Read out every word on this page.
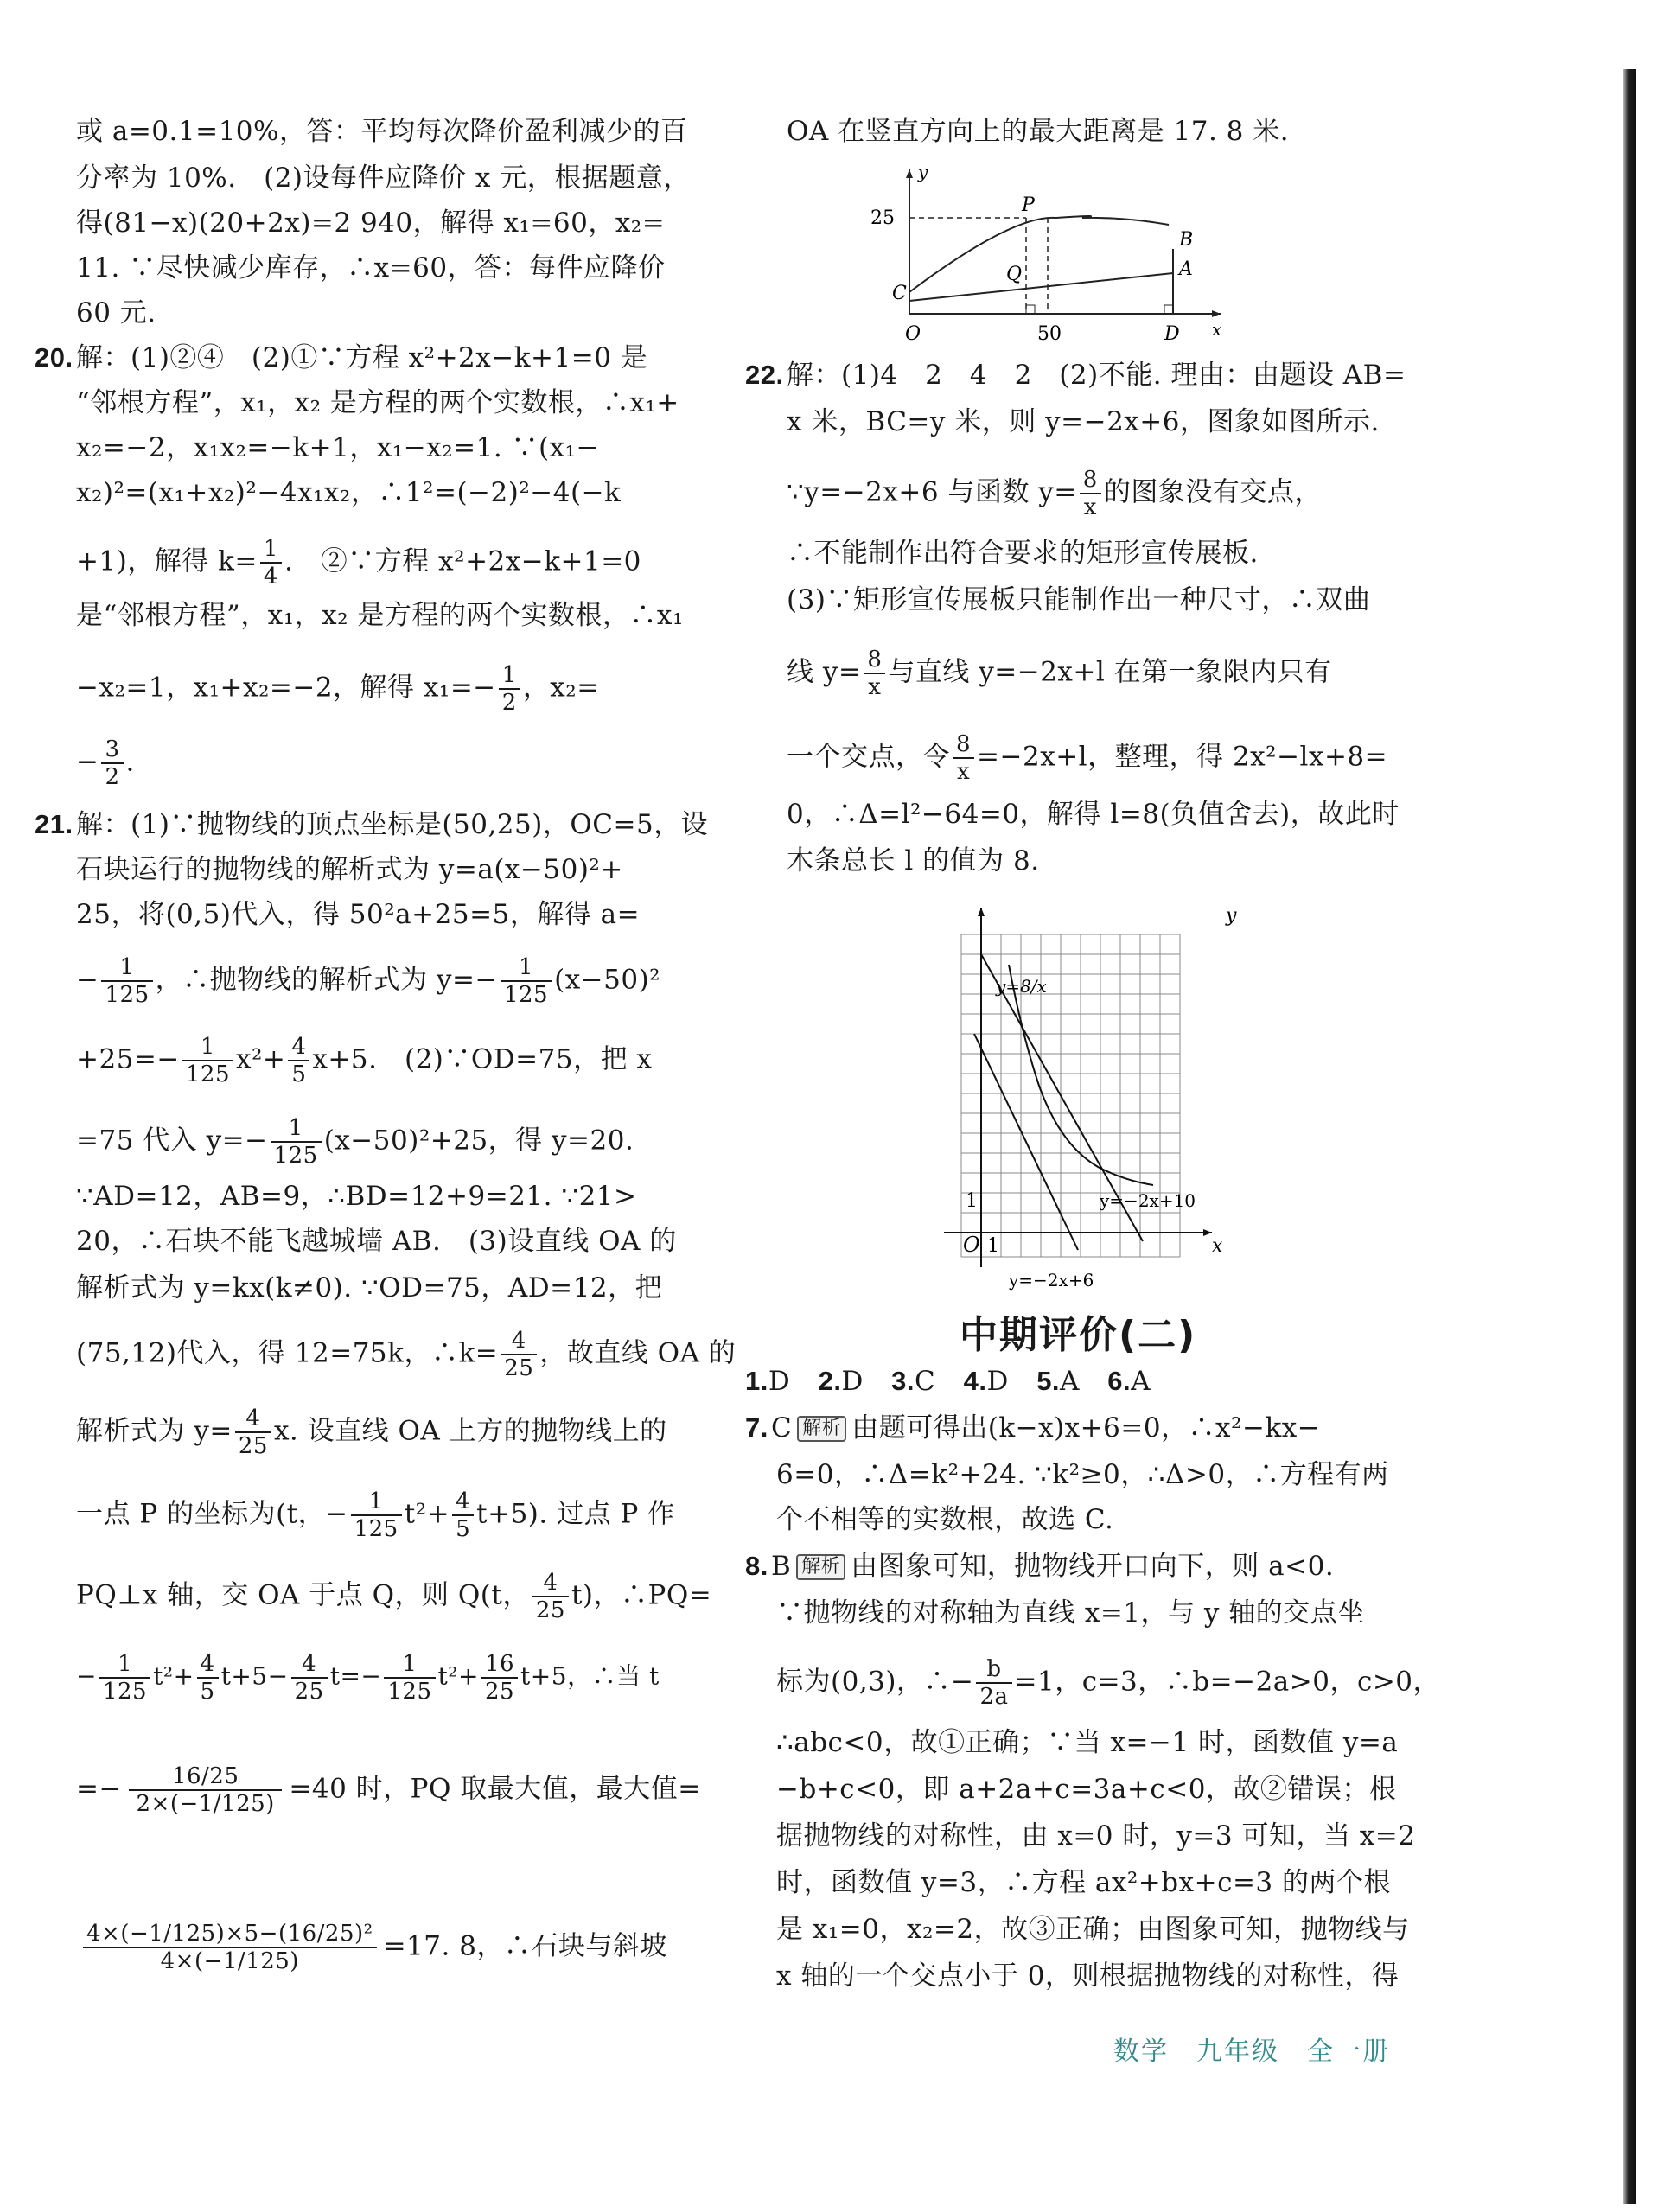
或 a=0.1=10%，答：平均每次降价盈利减少的百
分率为 10%.　(2)设每件应降价 x 元，根据题意，
得(81−x)(20+2x)=2 940，解得 x₁=60，x₂=
11. ∵尽快减少库存，∴x=60，答：每件应降价
60 元.
20. 解：(1)②④　(2)①∵方程 x²+2x−k+1=0 是
“邻根方程”，x₁，x₂ 是方程的两个实数根，∴x₁+
x₂=−2，x₁x₂=−k+1，x₁−x₂=1. ∵(x₁−
x₂)²=(x₁+x₂)²−4x₁x₂，∴1²=(−2)²−4(−k
+1)，解得 $k= \frac{1}{4}$ .　②∵方程 x²+2x−k+1=0
是“邻根方程”，x₁，x₂ 是方程的两个实数根，∴x₁
−x₂=1，x₁+x₂=−2，解得 $x_1=- \frac{1}{2}$ ，x₂=
− $\frac{3}{2}$ .
21. 解：(1)∵抛物线的顶点坐标是(50,25)，OC=5，设
石块运行的抛物线的解析式为 y=a(x−50)²+
25，将(0,5)代入，得 50²a+25=5，解得 a=
− $\frac{1}{125}$ ，∴抛物线的解析式为 $y=- \frac{1}{125} (x-50)^2$
$+25=- \frac{1}{125} x^2+ \frac{4}{5} x+5$.　(2)∵OD=75，把 x
=75 代入 $y=- \frac{1}{125} (x-50)^2+25$，得 y=20.
∵AD=12，AB=9，∴BD=12+9=21. ∵21>
20，∴石块不能飞越城墙 AB.　(3)设直线 OA 的
解析式为 y=kx(k≠0). ∵OD=75，AD=12，把
(75,12)代入，得 12=75k，∴k= $\frac{4}{25}$ ，故直线 OA 的
解析式为 $y= \frac{4}{25} x$. 设直线 OA 上方的抛物线上的
一点 P 的坐标为(t，− $\frac{1}{125} t^2+ \frac{4}{5} t+5$). 过点 P 作
PQ⊥x 轴，交 OA 于点 Q，则 Q(t， $\frac{4}{25} t$)，∴PQ=
− $\frac{1}{125} t^2+ \frac{4}{5} t+5- \frac{4}{25} t=- \frac{1}{125} t^2+ \frac{16}{25} t+5$，∴当 t
=− $\frac{16/25}{2\times(-1/125)} =40$ 时，PQ 取最大值，最大值=
$\frac{\text{4×(−1/125)×5−(16/25)²}}{4\times(-1/125)} =17$. 8，∴石块与斜坡
OA 在竖直方向上的最大距离是 17. 8 米.
y
x
O
C
P
Q	A
B
D
25
50
22. 解：(1)4　2　4　2　(2)不能. 理由：由题设 AB=
x 米，BC=y 米，则 y=−2x+6，图象如图所示.
∵y=−2x+6 与函数 $y= \frac{8}{x}$ 的图象没有交点，
∴不能制作出符合要求的矩形宣传展板.
(3)∵矩形宣传展板只能制作出一种尺寸，∴双曲
线 $y= \frac{8}{x}$ 与直线 y=−2x+l 在第一象限内只有
一个交点，令 $\frac{8}{x} =-2x+l$，整理，得 2x²−lx+8=
0，∴Δ=l²−64=0，解得 l=8(负值舍去)，故此时
木条总长 l 的值为 8.
y
x
O 1
1
y=8/x
y=−2x+10
y=−2x+6
中期评价(二)
1.D 2.D 3.C 4.D 5.A 6.A
7. C 解析 由题可得出(k−x)x+6=0，∴x²−kx−
6=0，∴Δ=k²+24. ∵k²≥0，∴Δ>0，∴方程有两
个不相等的实数根，故选 C.
8. B 解析 由图象可知，抛物线开口向下，则 a<0.
∵抛物线的对称轴为直线 x=1，与 y 轴的交点坐
标为(0,3)，∴− $\frac{b}{2a} =1$，c=3，∴b=−2a>0，c>0，
∴abc<0，故①正确；∵当 x=−1 时，函数值 y=a
−b+c<0，即 a+2a+c=3a+c<0，故②错误；根
据抛物线的对称性，由 x=0 时，y=3 可知，当 x=2
时，函数值 y=3，∴方程 ax²+bx+c=3 的两个根
是 x₁=0，x₂=2，故③正确；由图象可知，抛物线与
x 轴的一个交点小于 0，则根据抛物线的对称性，得
数学 九年级 全一册
